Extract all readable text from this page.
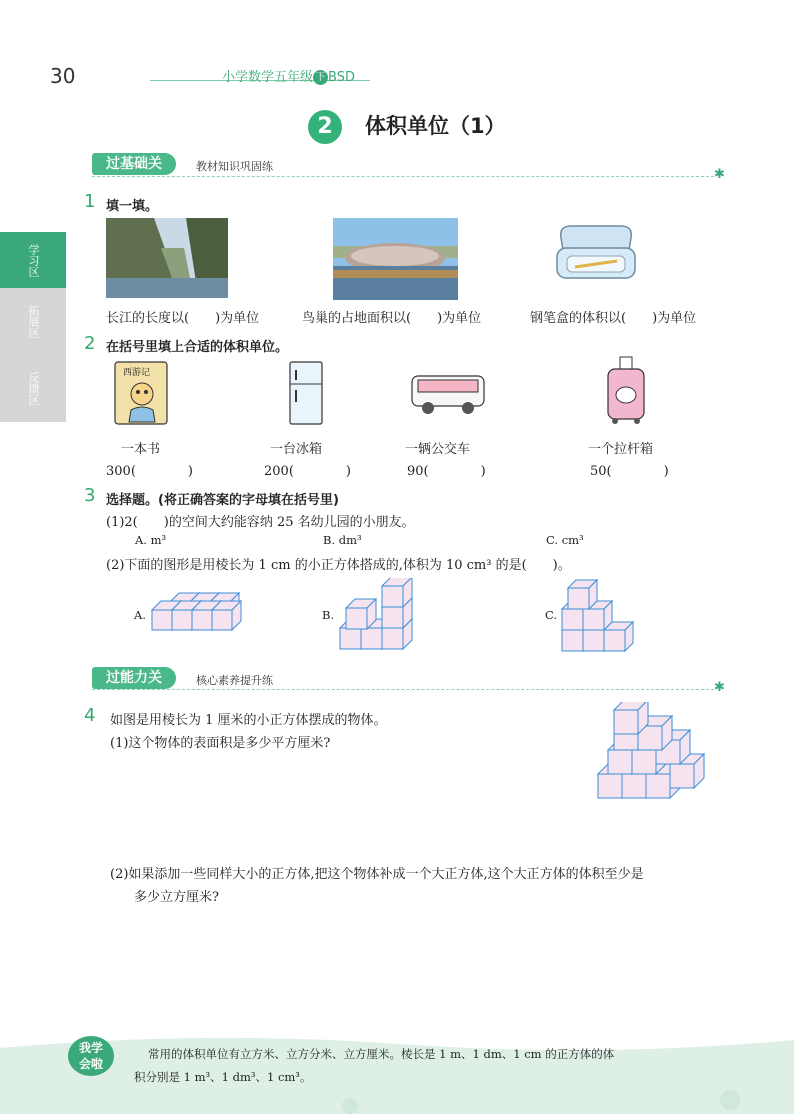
30	小学数学五年级 下 BSD
2	体积单位（1）
学习区
拓展区
反馈区
过基础关	教材知识巩固练
✱
1 填一填。
长江的长度以(　　)为单位	鸟巢的占地面积以(　　)为单位	钢笔盒的体积以(　　)为单位
2 在括号里填上合适的体积单位。
西游记
一本书	一台冰箱	一辆公交车	一个拉杆箱
300(　　　　)	200(　　　　)	90(　　　　)	50(　　　　)
3 选择题。(将正确答案的字母填在括号里)
(1)2(　　)的空间大约能容纳 25 名幼儿园的小朋友。
A. m³	B. dm³	C. cm³
(2)下面的图形是用棱长为 1 cm 的小正方体搭成的,体积为 10 cm³ 的是(　　)。
A.	B.	C.
过能力关	核心素养提升练	✱
4 如图是用棱长为 1 厘米的小正方体摆成的物体。
(1)这个物体的表面积是多少平方厘米?
(2)如果添加一些同样大小的正方体,把这个物体补成一个大正方体,这个大正方体的体积至少是
多少立方厘米?
我学
会啦
常用的体积单位有立方米、立方分米、立方厘米。棱长是 1 m、1 dm、1 cm 的正方体的体
积分别是 1 m³、1 dm³、1 cm³。
